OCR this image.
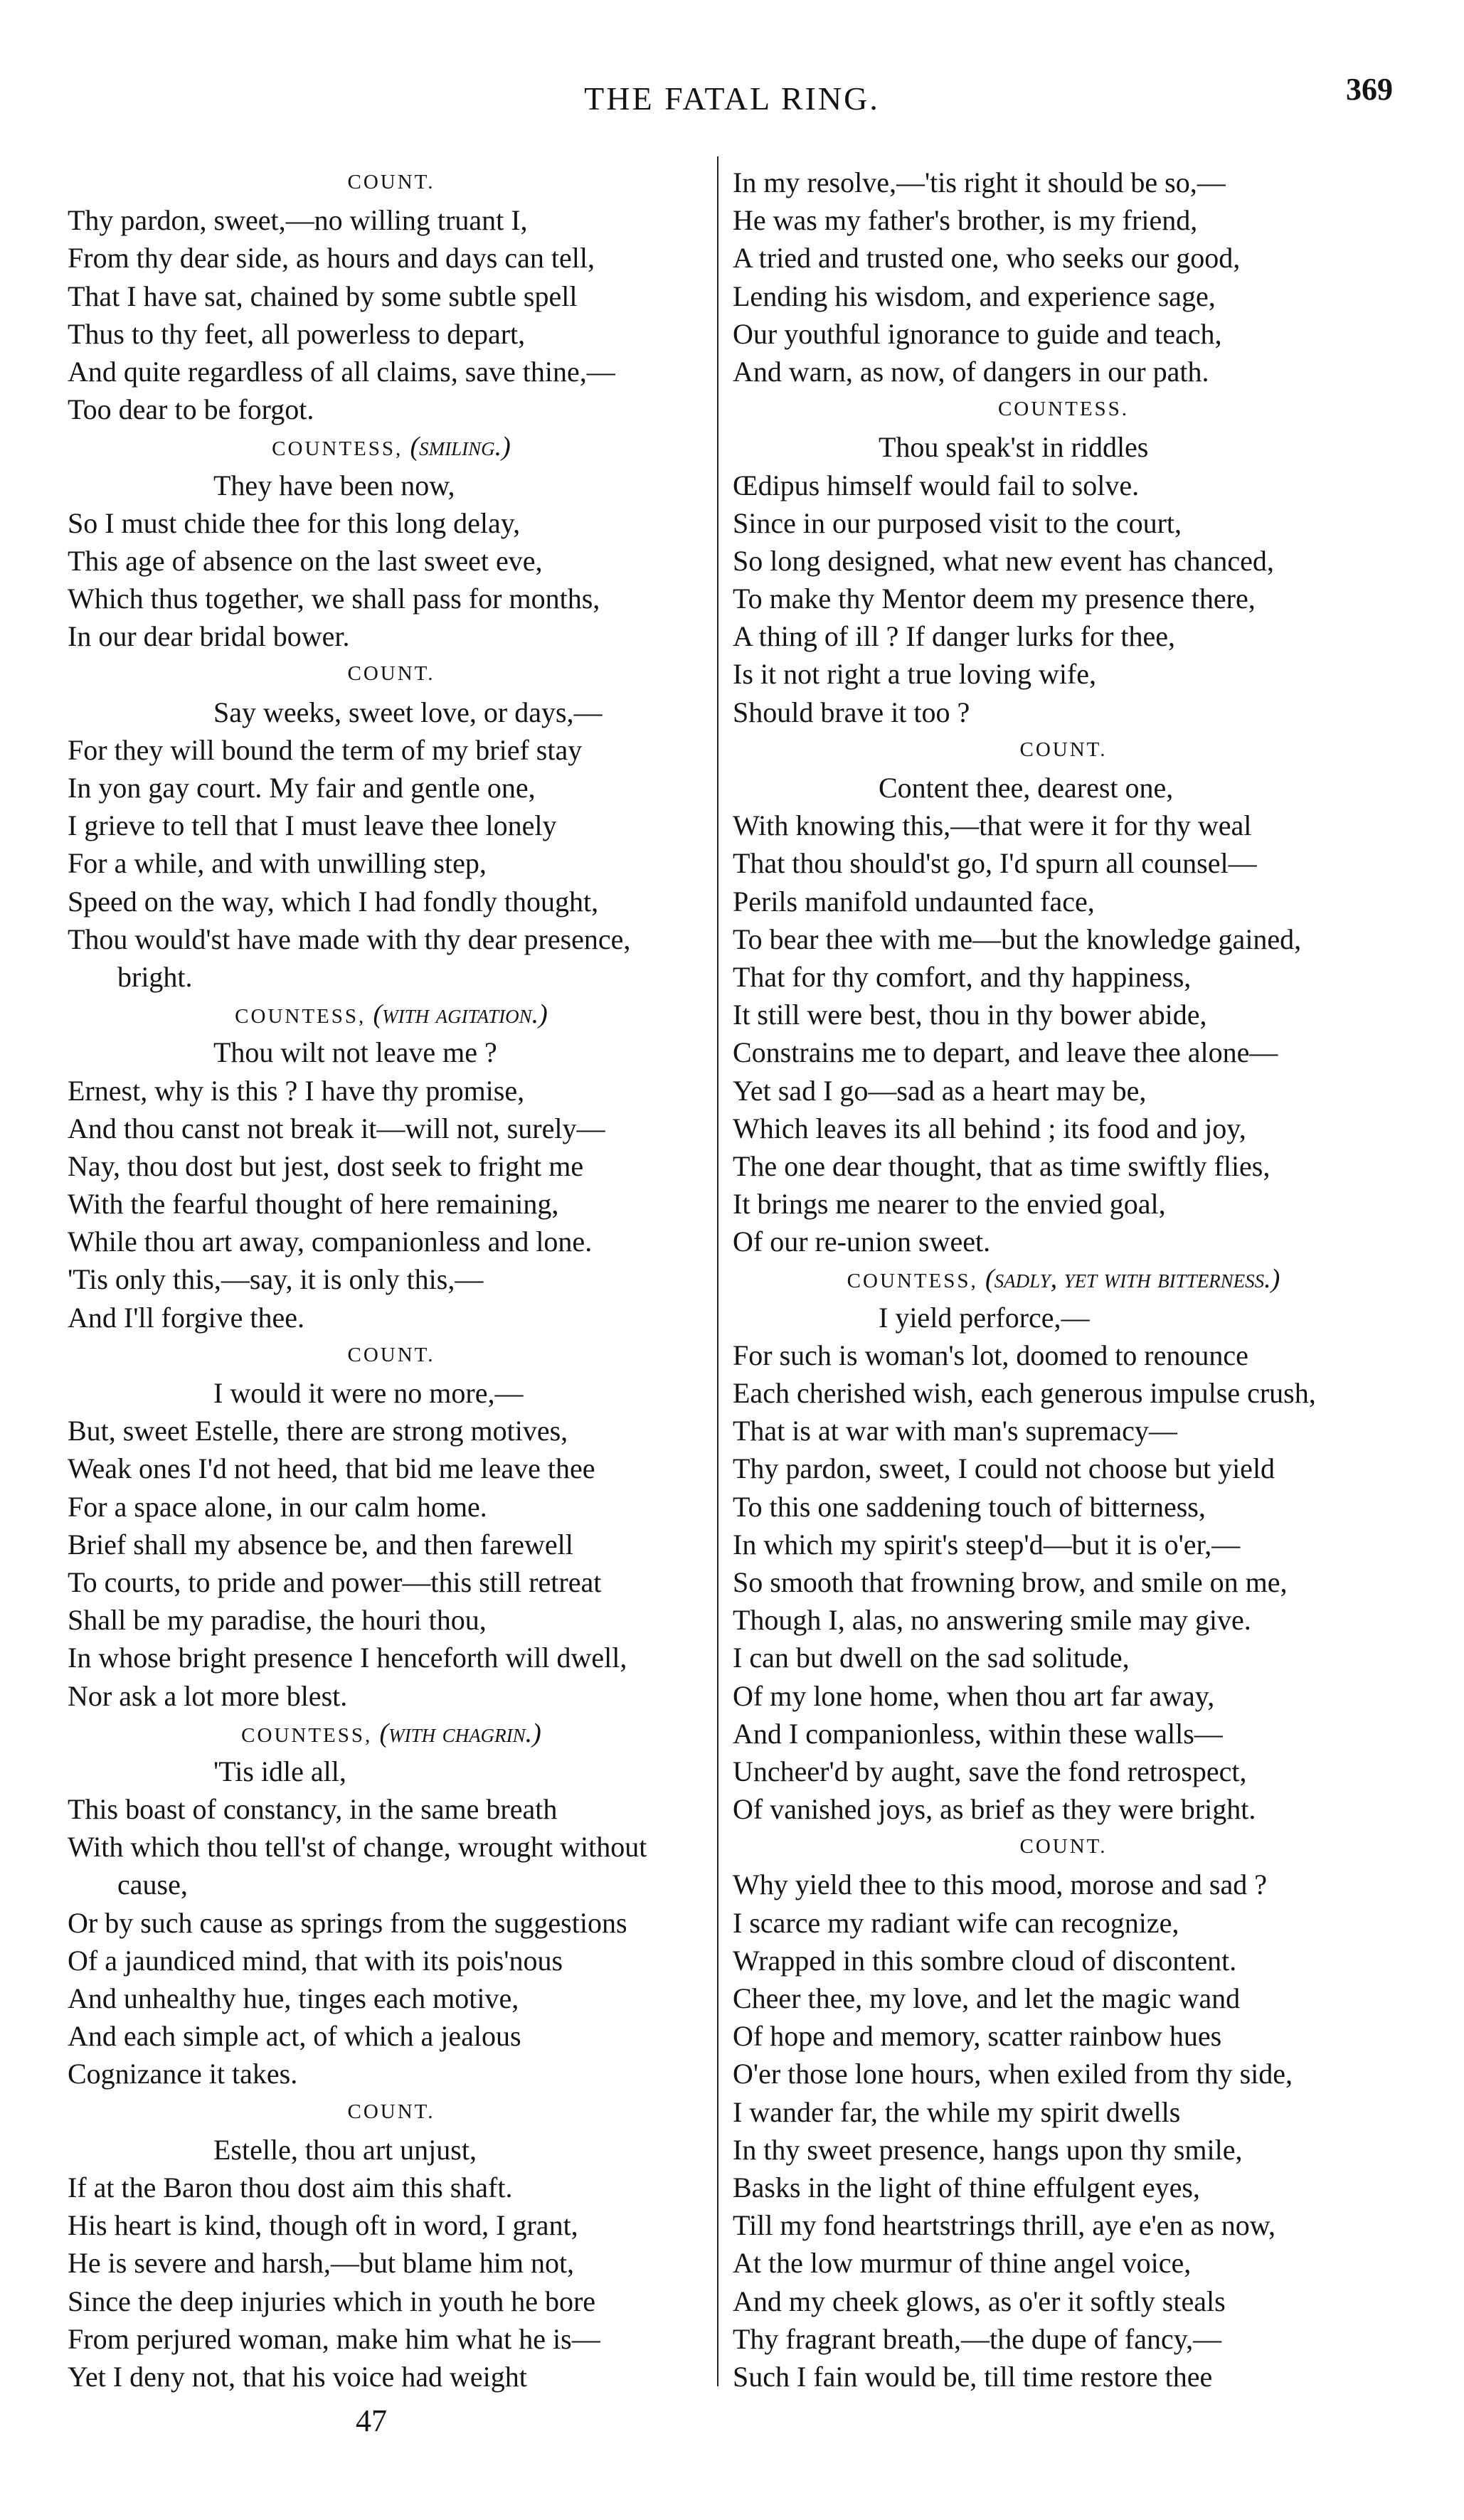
THE FATAL RING.	369
COUNT.
Thy pardon, sweet,—no willing truant I,
From thy dear side, as hours and days can tell,
That I have sat, chained by some subtle spell
Thus to thy feet, all powerless to depart,
And quite regardless of all claims, save thine,—
Too dear to be forgot.
COUNTESS, (smiling.)
They have been now,
So I must chide thee for this long delay,
This age of absence on the last sweet eve,
Which thus together, we shall pass for months,
In our dear bridal bower.
COUNT.
Say weeks, sweet love, or days,—
For they will bound the term of my brief stay
In yon gay court. My fair and gentle one,
I grieve to tell that I must leave thee lonely
For a while, and with unwilling step,
Speed on the way, which I had fondly thought,
Thou would'st have made with thy dear presence,
bright.
COUNTESS, (with agitation.)
Thou wilt not leave me ?
Ernest, why is this ? I have thy promise,
And thou canst not break it—will not, surely—
Nay, thou dost but jest, dost seek to fright me
With the fearful thought of here remaining,
While thou art away, companionless and lone.
'Tis only this,—say, it is only this,—
And I'll forgive thee.
COUNT.
I would it were no more,—
But, sweet Estelle, there are strong motives,
Weak ones I'd not heed, that bid me leave thee
For a space alone, in our calm home.
Brief shall my absence be, and then farewell
To courts, to pride and power—this still retreat
Shall be my paradise, the houri thou,
In whose bright presence I henceforth will dwell,
Nor ask a lot more blest.
COUNTESS, (with chagrin.)
'Tis idle all,
This boast of constancy, in the same breath
With which thou tell'st of change, wrought without
cause,
Or by such cause as springs from the suggestions
Of a jaundiced mind, that with its pois'nous
And unhealthy hue, tinges each motive,
And each simple act, of which a jealous
Cognizance it takes.
COUNT.
Estelle, thou art unjust,
If at the Baron thou dost aim this shaft.
His heart is kind, though oft in word, I grant,
He is severe and harsh,—but blame him not,
Since the deep injuries which in youth he bore
From perjured woman, make him what he is—
Yet I deny not, that his voice had weight
In my resolve,—'tis right it should be so,—
He was my father's brother, is my friend,
A tried and trusted one, who seeks our good,
Lending his wisdom, and experience sage,
Our youthful ignorance to guide and teach,
And warn, as now, of dangers in our path.
COUNTESS.
Thou speak'st in riddles
Œdipus himself would fail to solve.
Since in our purposed visit to the court,
So long designed, what new event has chanced,
To make thy Mentor deem my presence there,
A thing of ill ? If danger lurks for thee,
Is it not right a true loving wife,
Should brave it too ?
COUNT.
Content thee, dearest one,
With knowing this,—that were it for thy weal
That thou should'st go, I'd spurn all counsel—
Perils manifold undaunted face,
To bear thee with me—but the knowledge gained,
That for thy comfort, and thy happiness,
It still were best, thou in thy bower abide,
Constrains me to depart, and leave thee alone—
Yet sad I go—sad as a heart may be,
Which leaves its all behind ; its food and joy,
The one dear thought, that as time swiftly flies,
It brings me nearer to the envied goal,
Of our re-union sweet.
COUNTESS, (sadly, yet with bitterness.)
I yield perforce,—
For such is woman's lot, doomed to renounce
Each cherished wish, each generous impulse crush,
That is at war with man's supremacy—
Thy pardon, sweet, I could not choose but yield
To this one saddening touch of bitterness,
In which my spirit's steep'd—but it is o'er,—
So smooth that frowning brow, and smile on me,
Though I, alas, no answering smile may give.
I can but dwell on the sad solitude,
Of my lone home, when thou art far away,
And I companionless, within these walls—
Uncheer'd by aught, save the fond retrospect,
Of vanished joys, as brief as they were bright.
COUNT.
Why yield thee to this mood, morose and sad ?
I scarce my radiant wife can recognize,
Wrapped in this sombre cloud of discontent.
Cheer thee, my love, and let the magic wand
Of hope and memory, scatter rainbow hues
O'er those lone hours, when exiled from thy side,
I wander far, the while my spirit dwells
In thy sweet presence, hangs upon thy smile,
Basks in the light of thine effulgent eyes,
Till my fond heartstrings thrill, aye e'en as now,
At the low murmur of thine angel voice,
And my cheek glows, as o'er it softly steals
Thy fragrant breath,—the dupe of fancy,—
Such I fain would be, till time restore thee
47
